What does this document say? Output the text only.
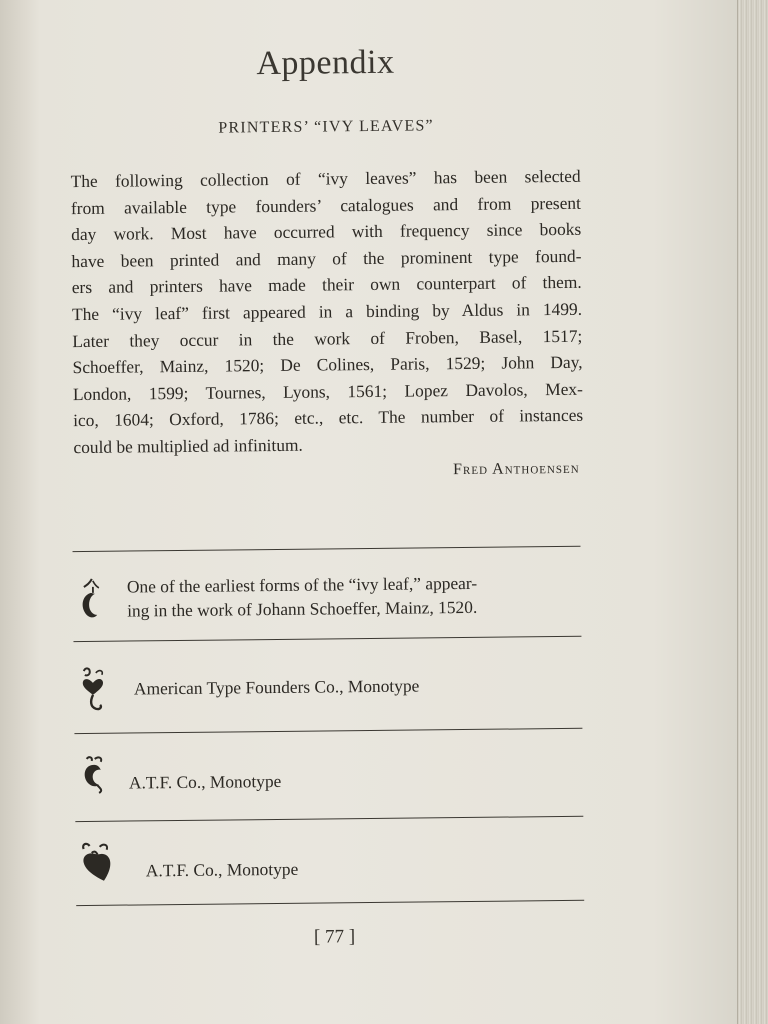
Appendix
PRINTERS’ “IVY LEAVES”
The following collection of “ivy leaves” has been selected
from available type founders’ catalogues and from present
day work. Most have occurred with frequency since books
have been printed and many of the prominent type found-
ers and printers have made their own counterpart of them.
The “ivy leaf” first appeared in a binding by Aldus in 1499.
Later they occur in the work of Froben, Basel, 1517;
Schoeffer, Mainz, 1520; De Colines, Paris, 1529; John Day,
London, 1599; Tournes, Lyons, 1561; Lopez Davolos, Mex-
ico, 1604; Oxford, 1786; etc., etc. The number of instances
could be multiplied ad infinitum.
Fred Anthoensen
One of the earliest forms of the “ivy leaf,” appear-
ing in the work of Johann Schoeffer, Mainz, 1520.
American Type Founders Co., Monotype
A.T.F. Co., Monotype
A.T.F. Co., Monotype
[ 77 ]
